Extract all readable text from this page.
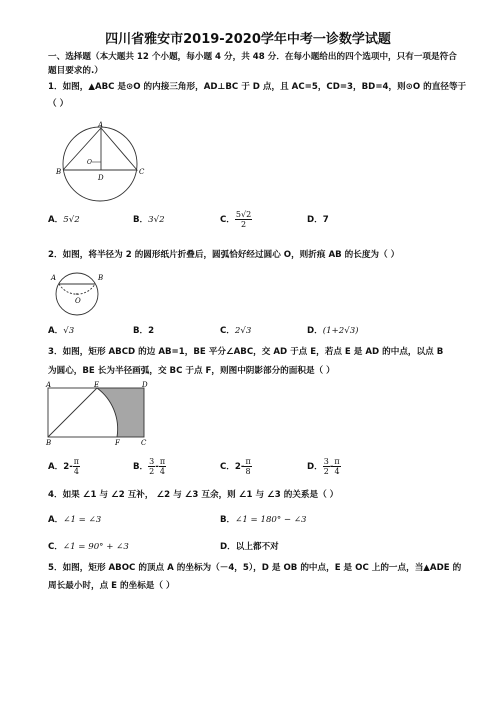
四川省雅安市2019-2020学年中考一诊数学试题
一、选择题（本大题共 12 个小题，每小题 4 分，共 48 分．在每小题给出的四个选项中，只有一项是符合
题目要求的.）
1．如图，▲ABC 是⊙O 的内接三角形，AD⊥BC 于 D 点，且 AC=5，CD=3，BD=4，则⊙O 的直径等于
（ ）
A
B	C
D
O
A．5√2	B．3√2	C． $\frac{5√2}{2}$	D．7
2．如图，将半径为 2 的圆形纸片折叠后，圆弧恰好经过圆心 O，则折痕 AB 的长度为（ ）
A	B
O
A．√3	B．2	C．2√3	D．(1+2√3)
3．如图，矩形 ABCD 的边 AB=1，BE 平分∠ABC，交 AD 于点 E，若点 E 是 AD 的中点，以点 B
为圆心，BE 长为半径画弧，交 BC 于点 F，则图中阴影部分的面积是（ ）
A
B	C
D
E
F
A．$2- \frac{\pi}{4}$	B． $\frac{3}{2} - \frac{\pi}{4}$	C．$2- \frac{\pi}{8}$	D． $\frac{3}{2} - \frac{\pi}{4}$
4．如果 ∠1 与 ∠2 互补， ∠2 与 ∠3 互余，则 ∠1 与 ∠3 的关系是（ ）
A．∠1 = ∠3	B．∠1 = 180° − ∠3
C．∠1 = 90° + ∠3	D．以上都不对
5．如图，矩形 ABOC 的顶点 A 的坐标为（－4，5），D 是 OB 的中点，E 是 OC 上的一点，当▲ADE 的
周长最小时，点 E 的坐标是（ ）
